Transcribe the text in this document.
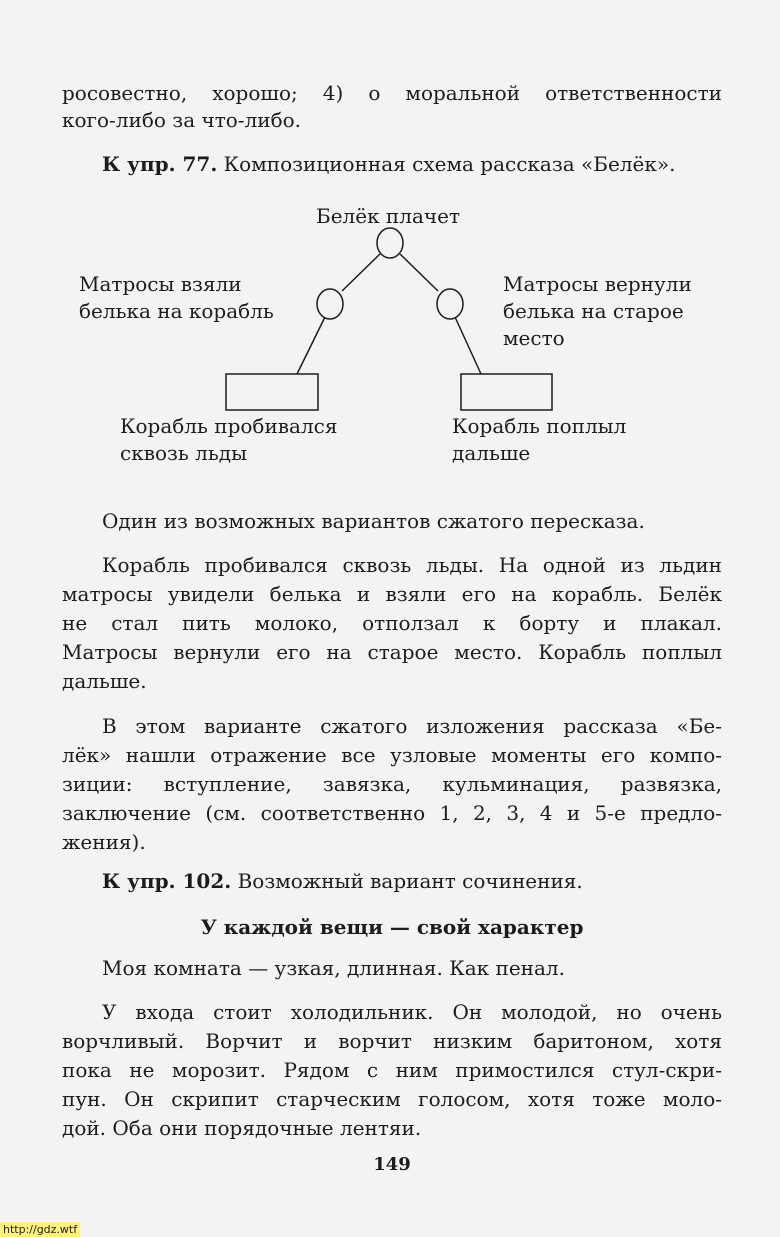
росовестно, хорошо; 4) о моральной ответственности
кого-либо за что-либо.
К упр. 77. Композиционная схема рассказа «Белёк».
Белёк плачет
Матросы взяли
белька на корабль
Матросы вернули
белька на старое
место
Корабль пробивался
сквозь льды
Корабль поплыл
дальше
Один из возможных вариантов сжатого пересказа.
Корабль пробивался сквозь льды. На одной из льдин
матросы увидели белька и взяли его на корабль. Белёк
не стал пить молоко, отползал к борту и плакал.
Матросы вернули его на старое место. Корабль поплыл
дальше.
В этом варианте сжатого изложения рассказа «Бе-
лёк» нашли отражение все узловые моменты его компо-
зиции: вступление, завязка, кульминация, развязка,
заключение (см. соответственно 1, 2, 3, 4 и 5-е предло-
жения).
К упр. 102. Возможный вариант сочинения.
У каждой вещи — свой характер
Моя комната — узкая, длинная. Как пенал.
У входа стоит холодильник. Он молодой, но очень
ворчливый. Ворчит и ворчит низким баритоном, хотя
пока не морозит. Рядом с ним примостился стул-скри-
пун. Он скрипит старческим голосом, хотя тоже моло-
дой. Оба они порядочные лентяи.
149
http://gdz.wtf
